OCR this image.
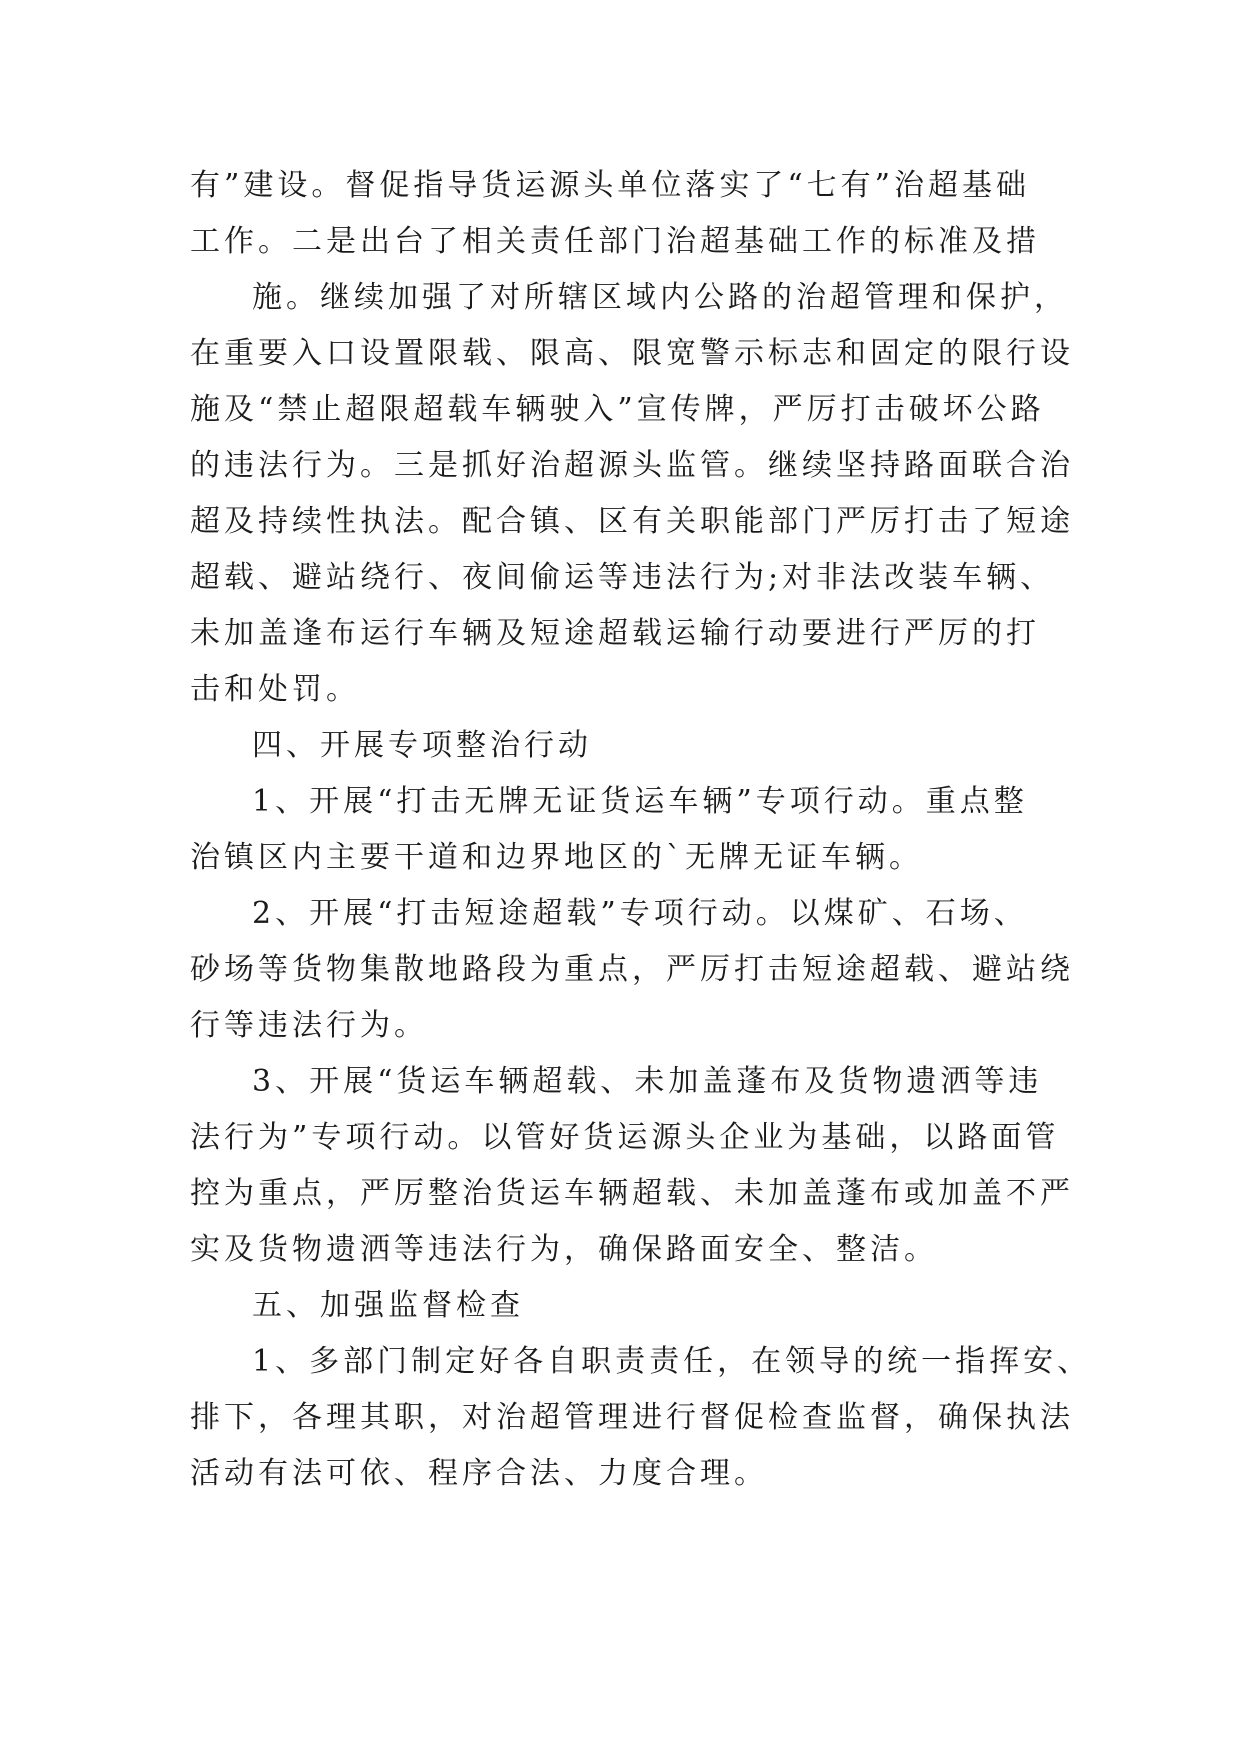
有”建设。督促指导货运源头单位落实了“七有”治超基础
工作。二是出台了相关责任部门治超基础工作的标准及措

施。继续加强了对所辖区域内公路的治超管理和保护，
在重要入口设置限载、限高、限宽警示标志和固定的限行设
施及“禁止超限超载车辆驶入”宣传牌，严厉打击破坏公路
的违法行为。三是抓好治超源头监管。继续坚持路面联合治
超及持续性执法。配合镇、区有关职能部门严厉打击了短途
超载、避站绕行、夜间偷运等违法行为;对非法改装车辆、
未加盖逢布运行车辆及短途超载运输行动要进行严厉的打
击和处罚。

四、开展专项整治行动

1、开展“打击无牌无证货运车辆”专项行动。重点整
治镇区内主要干道和边界地区的`无牌无证车辆。

2、开展“打击短途超载”专项行动。以煤矿、石场、
砂场等货物集散地路段为重点，严厉打击短途超载、避站绕
行等违法行为。

3、开展“货运车辆超载、未加盖蓬布及货物遗洒等违
法行为”专项行动。以管好货运源头企业为基础，以路面管
控为重点，严厉整治货运车辆超载、未加盖蓬布或加盖不严
实及货物遗洒等违法行为，确保路面安全、整洁。

五、加强监督检查

1、多部门制定好各自职责责任，在领导的统一指挥安、
排下，各理其职，对治超管理进行督促检查监督，确保执法
活动有法可依、程序合法、力度合理。
